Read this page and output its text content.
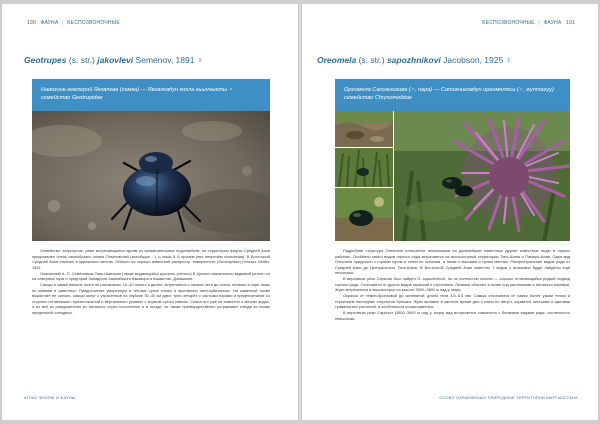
190 ФАУНА | БЕСПОЗВОНОЧНЫЕ
Geotrupes (s. str.) jakovlevi Semenov, 1891 ♀
Навозник-землерой Яковлева (самка) — Яковлевдун кохла кьынчыкты ♀ семейство Geotrupidae

Семейство: вторгнутые, реже встречающиеся одним из примечательных подсемейств, на территории фауны Средней Азии представлен очень своеобразно семья Observaroreli (всеобщая ...), и лишь 5–6 причем (все непричём скопления). В Восточной Средней Азии отмечен в единичных местах. Обычно на хорошо известной распростр. поверхности (Geotrupidae) (точных Geitler, 1841.

Описанный А. П. Семёновым Тянь-Шанском (также выдающийся русского учёного) Б Цескан значительно видимый регион он на северных горы и предгорий Западного Заилийского Кашмира и Казакстан. Домашние.

Самцы и самки внешне почти не различимы, 10–40 ничего в денюх, встречается с начала лета до осени, питаясь в норе лишь по камням и животных. Предпочитает умеренную и тёплые сухие почвы в выстанных местообитаниях. На каменной почве вырастает не сильно, самцы могут с утраченные на глубине 30–40 см дают, трех-четырёх с частыми норами и предпочитание со стороны на меньших горизонтальной и вертикально уровнях с кормом сухого навоза. Семья это уже не известно о многих видах, а их всё из разрушителях их питаются через постоянное и в гнезде, их также преимущественно устраивают гнёзда во вновь предельной соподных.

АТЛАС ФЛОРЫ И ФАУНЫ
БЕСПОЗВОНОЧНЫЕ | ФАУНА 191
Oreomela (s. str.) sapozhnikovi Jacobson, 1925 ♀
Ореомела Сапожникова (♂, пара) — Сапожниковдун ореомелясы (♂, жуптагуу) семейство Chrysomelidae

Подробная структура Oreomela отличается непохожими на дальнейшие известных другие известные виды в горных районах. Особенно много видов горного рода встречается на высокогорной территории Тянь-Шаня и Памиро-Алая. Один вид Oreomela приурочен к горным лугам и степи по склонам, а также к высоким и сухим местам. Распространение видов рода от Средней Азии до Центрального Тянь-Шаня. В Восточной Средней Азии известно 7 видов у возможно будут найдены ещё несколько.

В верховьях реки Сарычат был найден O. sapozhnikovi, но не полностью описан — хорошо отличающийся редкий подвид горного рода. Отличается от других видов окраской и строением. Личинки обитают в почве под растениями и питаются корнями. Жуки встречаются в высокогорье на высоте 3000–3800 м над у. моря.

Окраска от тёмно-бронзовой до синеватой; длина тела 4,5–5,5 мм. Самцы отличаются от самок более узким телом и строением последних стернитов брюшка. Жуки активны в светлое время дня с июня по август, кормятся листьями и цветами травянистых растений, в особенности сложноцветных.

В верховьях реки Сарычат (3800–3900 м над у. моря) вид встречается совместно с близкими видами рода; численность невысокая.

ОСОБО ОХРАНЯЕМЫЕ ПРИРОДНЫЕ ТЕРРИТОРИИ КЫРГЫЗСТАНА
